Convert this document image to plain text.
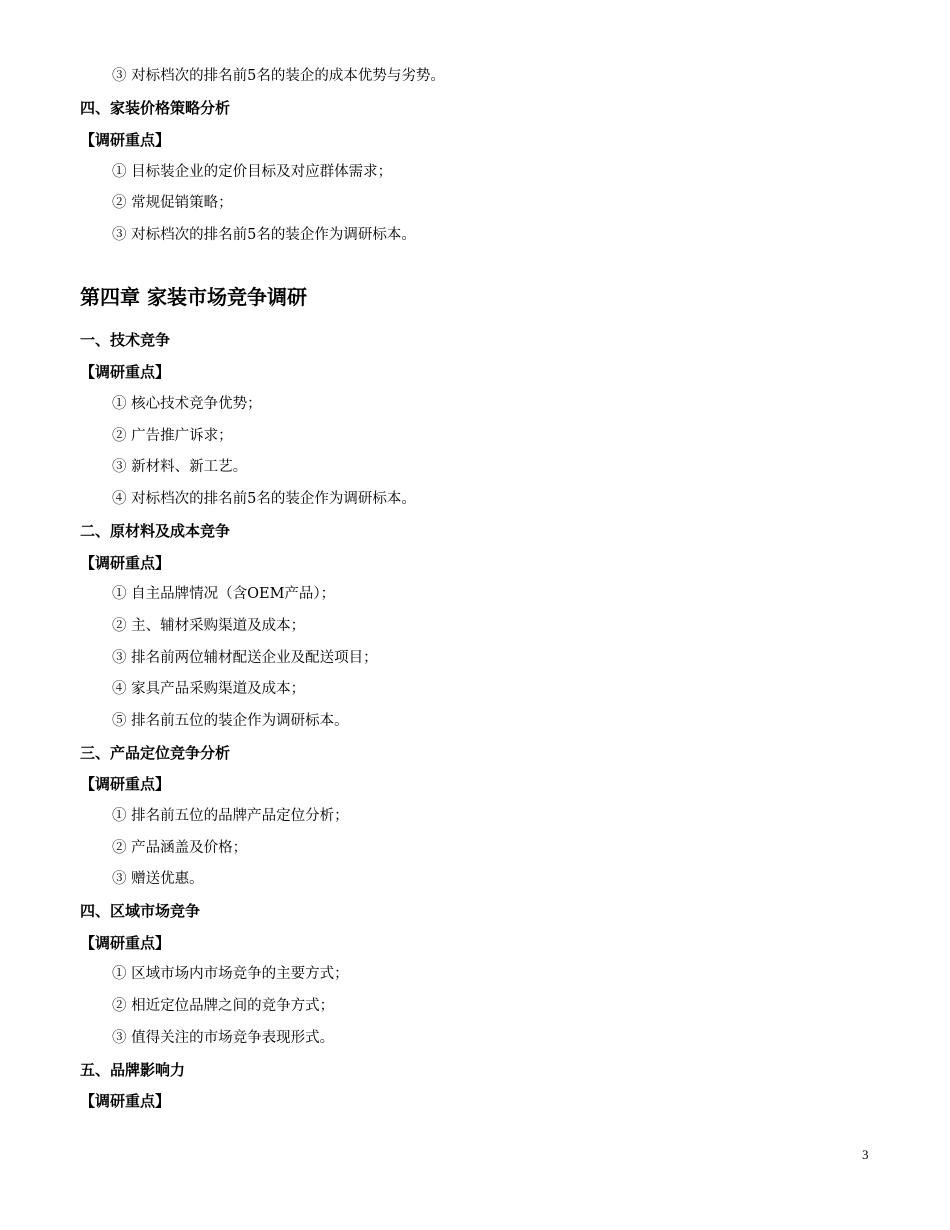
③ 对标档次的排名前5名的装企的成本优势与劣势。
四、家装价格策略分析
【调研重点】
① 目标装企业的定价目标及对应群体需求；
② 常规促销策略；
③ 对标档次的排名前5名的装企作为调研标本。
第四章 家装市场竞争调研
一、技术竞争
【调研重点】
① 核心技术竞争优势；
② 广告推广诉求；
③ 新材料、新工艺。
④ 对标档次的排名前5名的装企作为调研标本。
二、原材料及成本竞争
【调研重点】
① 自主品牌情况（含OEM产品）；
② 主、辅材采购渠道及成本；
③ 排名前两位辅材配送企业及配送项目；
④ 家具产品采购渠道及成本；
⑤ 排名前五位的装企作为调研标本。
三、产品定位竞争分析
【调研重点】
① 排名前五位的品牌产品定位分析；
② 产品涵盖及价格；
③ 赠送优惠。
四、区域市场竞争
【调研重点】
① 区域市场内市场竞争的主要方式；
② 相近定位品牌之间的竞争方式；
③ 值得关注的市场竞争表现形式。
五、品牌影响力
【调研重点】
3
